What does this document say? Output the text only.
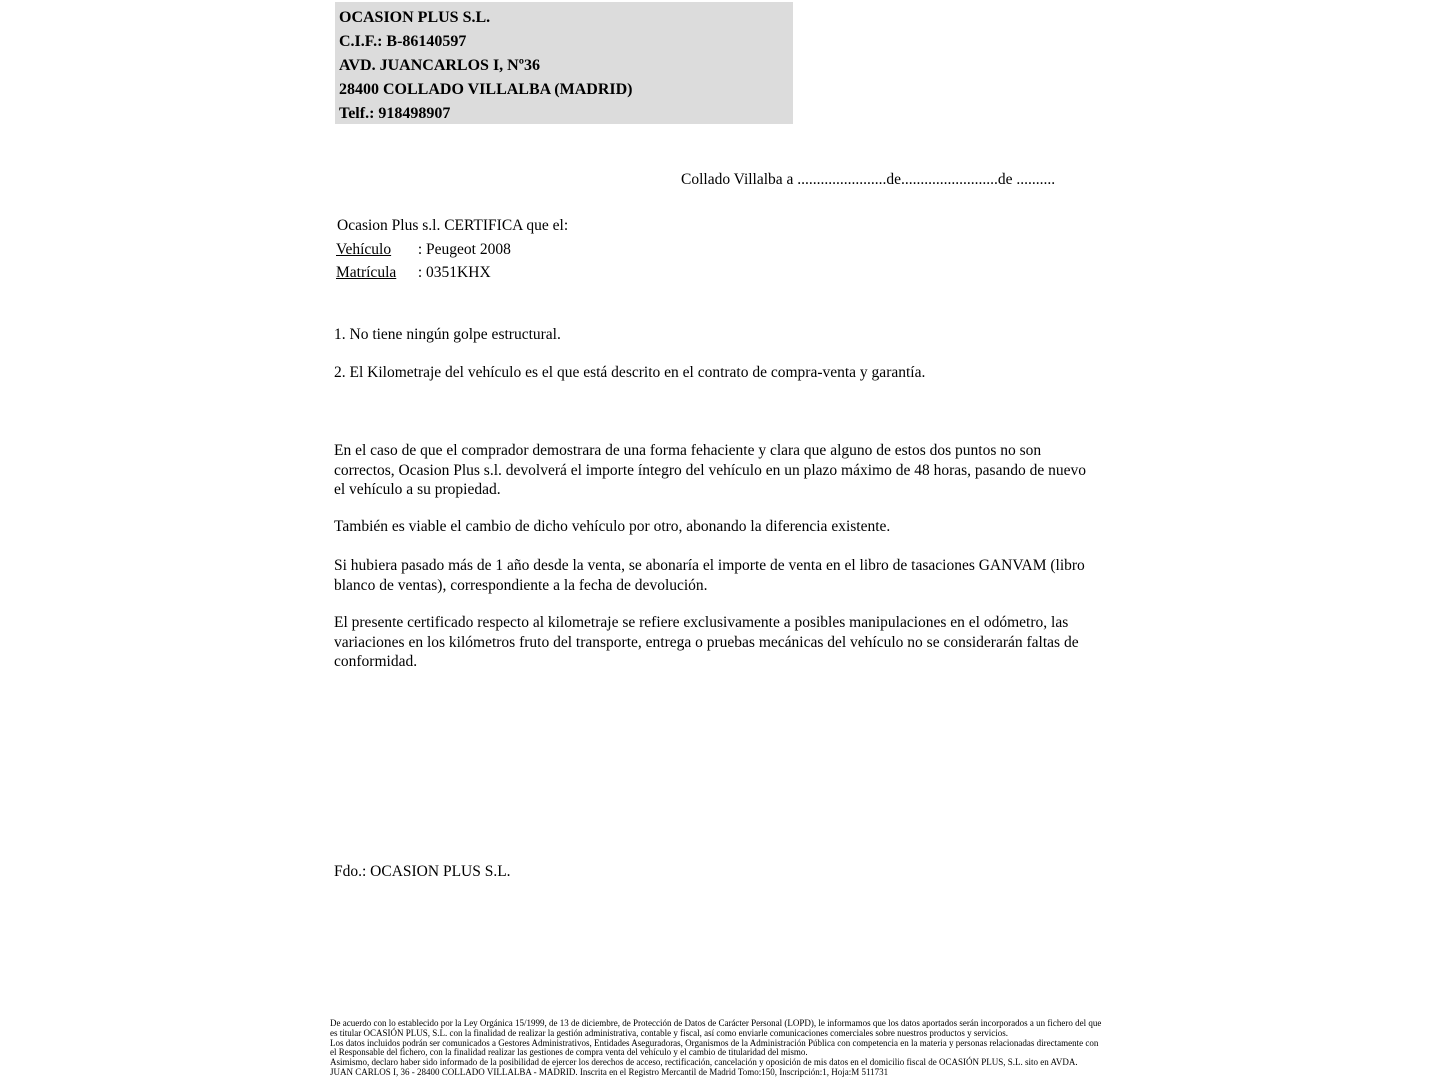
OCASION PLUS S.L.
C.I.F.: B-86140597
AVD. JUANCARLOS I, Nº36
28400 COLLADO VILLALBA (MADRID)
Telf.: 918498907
Collado Villalba a .......................de.........................de ..........
Ocasion Plus s.l. CERTIFICA que el:
Vehículo : Peugeot 2008
Matrícula : 0351KHX
1. No tiene ningún golpe estructural.
2. El Kilometraje del vehículo es el que está descrito en el contrato de compra-venta y garantía.
En el caso de que el comprador demostrara de una forma fehaciente y clara que alguno de estos dos puntos no son correctos, Ocasion Plus s.l. devolverá el importe íntegro del vehículo en un plazo máximo de 48 horas, pasando de nuevo el vehículo a su propiedad.
También es viable el cambio de dicho vehículo por otro, abonando la diferencia existente.
Si hubiera pasado más de 1 año desde la venta, se abonaría el importe de venta en el libro de tasaciones GANVAM (libro blanco de ventas), correspondiente a la fecha de devolución.
El presente certificado respecto al kilometraje se refiere exclusivamente a posibles manipulaciones en el odómetro, las variaciones en los kilómetros fruto del transporte, entrega o pruebas mecánicas del vehículo no se considerarán faltas de conformidad.
Fdo.: OCASION PLUS S.L.

De acuerdo con lo establecido por la Ley Orgánica 15/1999, de 13 de diciembre, de Protección de Datos de Carácter Personal (LOPD), le informamos que los datos aportados serán incorporados a un fichero del que es titular OCASIÓN PLUS, S.L. con la finalidad de realizar la gestión administrativa, contable y fiscal, así como enviarle comunicaciones comerciales sobre nuestros productos y servicios.

Los datos incluidos podrán ser comunicados a Gestores Administrativos, Entidades Aseguradoras, Organismos de la Administración Pública con competencia en la materia y personas relacionadas directamente con el Responsable del fichero, con la finalidad realizar las gestiones de compra venta del vehículo y el cambio de titularidad del mismo.

Asimismo, declaro haber sido informado de la posibilidad de ejercer los derechos de acceso, rectificación, cancelación y oposición de mis datos en el domicilio fiscal de OCASIÓN PLUS, S.L. sito en AVDA. JUAN CARLOS I, 36 - 28400 COLLADO VILLALBA - MADRID. Inscrita en el Registro Mercantil de Madrid Tomo:150, Inscripción:1, Hoja:M 511731
